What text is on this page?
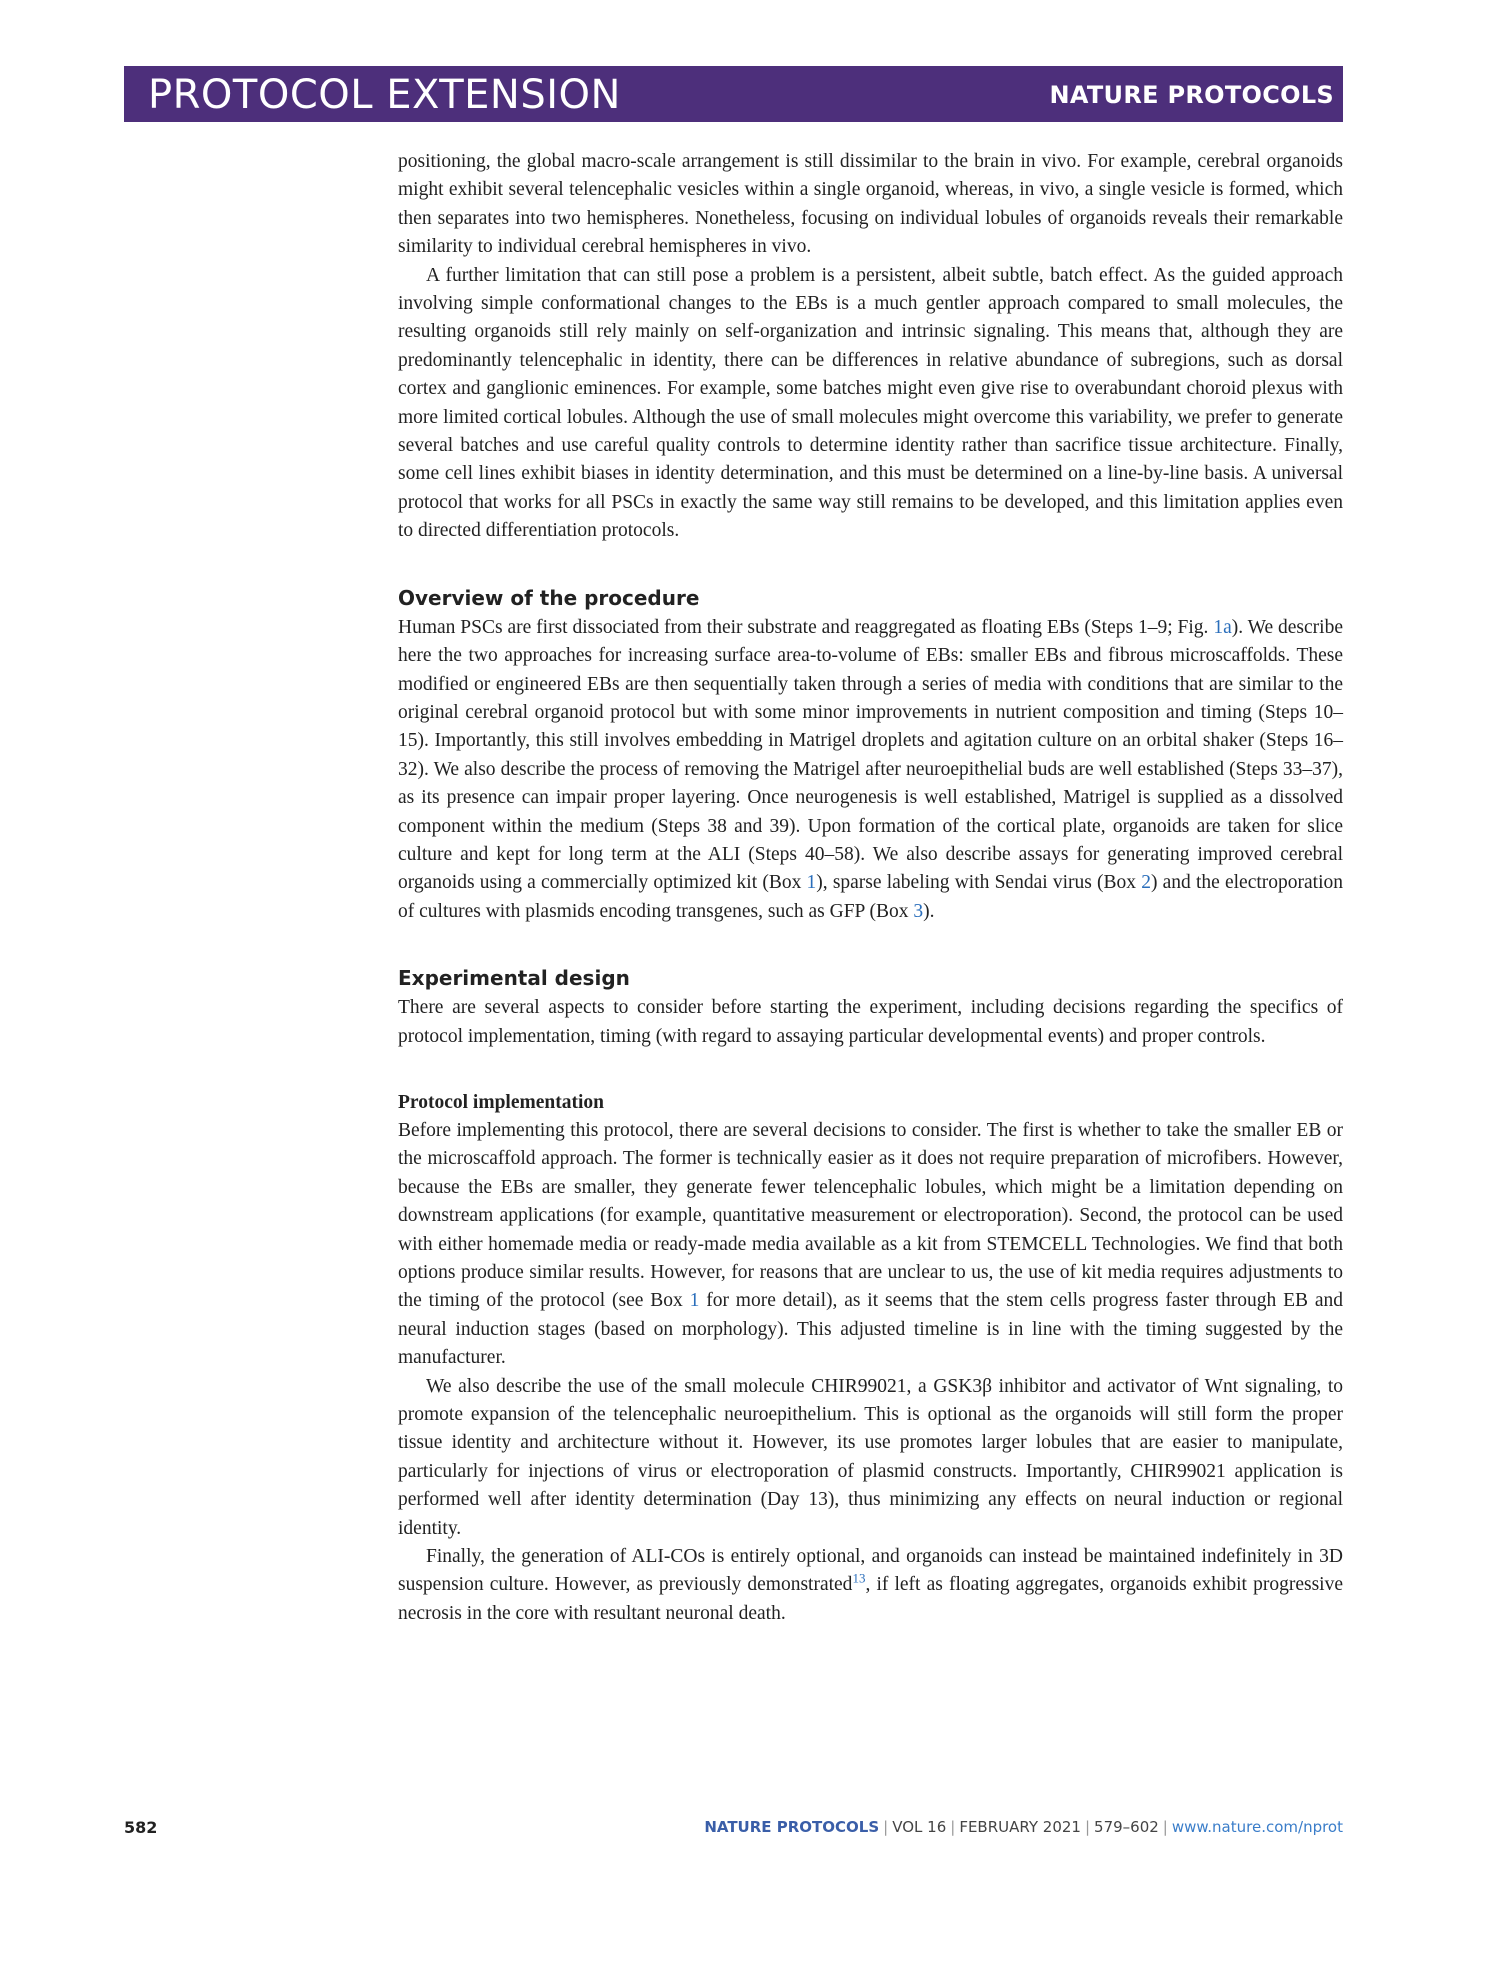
PROTOCOL EXTENSION	NATURE PROTOCOLS

positioning, the global macro-scale arrangement is still dissimilar to the brain in vivo. For example, cerebral organoids might exhibit several telencephalic vesicles within a single organoid, whereas, in vivo, a single vesicle is formed, which then separates into two hemispheres. Nonetheless, focusing on individual lobules of organoids reveals their remarkable similarity to individual cerebral hemispheres in vivo.

A further limitation that can still pose a problem is a persistent, albeit subtle, batch effect. As the guided approach involving simple conformational changes to the EBs is a much gentler approach compared to small molecules, the resulting organoids still rely mainly on self-organization and intrinsic signaling. This means that, although they are predominantly telencephalic in identity, there can be differences in relative abundance of subregions, such as dorsal cortex and ganglionic eminences. For example, some batches might even give rise to overabundant choroid plexus with more limited cortical lobules. Although the use of small molecules might overcome this variability, we prefer to generate several batches and use careful quality controls to determine identity rather than sacrifice tissue architecture. Finally, some cell lines exhibit biases in identity determination, and this must be determined on a line-by-line basis. A universal protocol that works for all PSCs in exactly the same way still remains to be developed, and this limitation applies even to directed differentiation protocols.

Overview of the procedure

Human PSCs are first dissociated from their substrate and reaggregated as floating EBs (Steps 1–9; Fig. 1a). We describe here the two approaches for increasing surface area-to-volume of EBs: smaller EBs and fibrous microscaffolds. These modified or engineered EBs are then sequentially taken through a series of media with conditions that are similar to the original cerebral organoid protocol but with some minor improvements in nutrient composition and timing (Steps 10–15). Importantly, this still involves embedding in Matrigel droplets and agitation culture on an orbital shaker (Steps 16–32). We also describe the process of removing the Matrigel after neuroepithelial buds are well established (Steps 33–37), as its presence can impair proper layering. Once neurogenesis is well established, Matrigel is supplied as a dissolved component within the medium (Steps 38 and 39). Upon formation of the cortical plate, organoids are taken for slice culture and kept for long term at the ALI (Steps 40–58). We also describe assays for generating improved cerebral organoids using a commercially optimized kit (Box 1), sparse labeling with Sendai virus (Box 2) and the electroporation of cultures with plasmids encoding transgenes, such as GFP (Box 3).

Experimental design

There are several aspects to consider before starting the experiment, including decisions regarding the specifics of protocol implementation, timing (with regard to assaying particular developmental events) and proper controls.

Protocol implementation

Before implementing this protocol, there are several decisions to consider. The first is whether to take the smaller EB or the microscaffold approach. The former is technically easier as it does not require preparation of microfibers. However, because the EBs are smaller, they generate fewer telencephalic lobules, which might be a limitation depending on downstream applications (for example, quantitative measurement or electroporation). Second, the protocol can be used with either homemade media or ready-made media available as a kit from STEMCELL Technologies. We find that both options produce similar results. However, for reasons that are unclear to us, the use of kit media requires adjustments to the timing of the protocol (see Box 1 for more detail), as it seems that the stem cells progress faster through EB and neural induction stages (based on morphology). This adjusted timeline is in line with the timing suggested by the manufacturer.

We also describe the use of the small molecule CHIR99021, a GSK3β inhibitor and activator of Wnt signaling, to promote expansion of the telencephalic neuroepithelium. This is optional as the organoids will still form the proper tissue identity and architecture without it. However, its use promotes larger lobules that are easier to manipulate, particularly for injections of virus or electroporation of plasmid constructs. Importantly, CHIR99021 application is performed well after identity determination (Day 13), thus minimizing any effects on neural induction or regional identity.

Finally, the generation of ALI-COs is entirely optional, and organoids can instead be maintained indefinitely in 3D suspension culture. However, as previously demonstrated$^{13}$, if left as floating aggregates, organoids exhibit progressive necrosis in the core with resultant neuronal death.

582	NATURE PROTOCOLS | VOL 16 | FEBRUARY 2021 | 579–602 | www.nature.com/nprot
